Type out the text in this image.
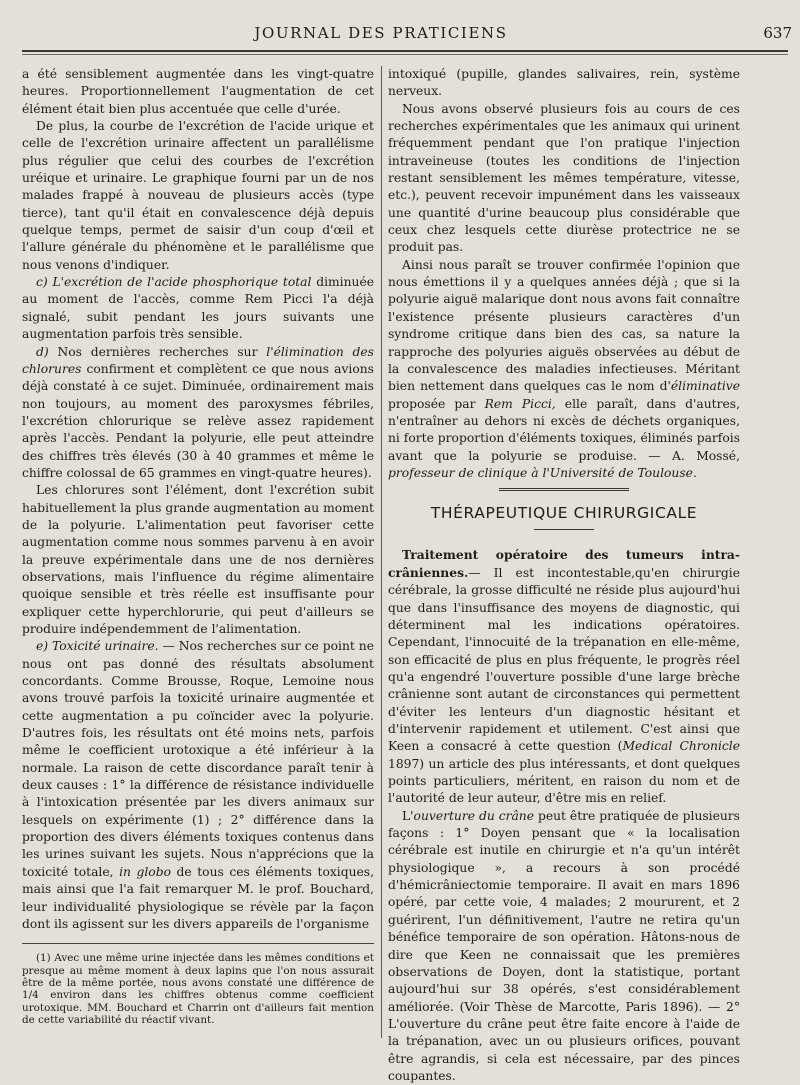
JOURNAL DES PRATICIENS	637

a été sensiblement augmentée dans les vingt-quatre heures. Proportionnellement l'augmentation de cet élément était bien plus accentuée que celle d'urée.

De plus, la courbe de l'excrétion de l'acide urique et celle de l'excrétion urinaire affectent un parallélisme plus régulier que celui des courbes de l'excrétion uréique et urinaire. Le graphique fourni par un de nos malades frappé à nouveau de plusieurs accès (type tierce), tant qu'il était en convalescence déjà depuis quelque temps, permet de saisir d'un coup d'œil et l'allure générale du phénomène et le parallélisme que nous venons d'indiquer.

c) L'excrétion de l'acide phosphorique total diminuée au moment de l'accès, comme Rem Picci l'a déjà signalé, subit pendant les jours suivants une augmentation parfois très sensible.

d) Nos dernières recherches sur l'élimination des chlorures confirment et complètent ce que nous avions déjà constaté à ce sujet. Diminuée, ordinairement mais non toujours, au moment des paroxysmes fébriles, l'excrétion chlorurique se relève assez rapidement après l'accès. Pendant la polyurie, elle peut atteindre des chiffres très élevés (30 à 40 grammes et même le chiffre colossal de 65 grammes en vingt-quatre heures).

Les chlorures sont l'élément, dont l'excrétion subit habituellement la plus grande augmentation au moment de la polyurie. L'alimentation peut favoriser cette augmentation comme nous sommes parvenu à en avoir la preuve expérimentale dans une de nos dernières observations, mais l'influence du régime alimentaire quoique sensible et très réelle est insuffisante pour expliquer cette hyperchlorurie, qui peut d'ailleurs se produire indépendemment de l'alimentation.

e) Toxicité urinaire. — Nos recherches sur ce point ne nous ont pas donné des résultats absolument concordants. Comme Brousse, Roque, Lemoine nous avons trouvé parfois la toxicité urinaire augmentée et cette augmentation a pu coïncider avec la polyurie. D'autres fois, les résultats ont été moins nets, parfois même le coefficient urotoxique a été inférieur à la normale. La raison de cette discordance paraît tenir à deux causes : 1° la différence de résistance individuelle à l'intoxication présentée par les divers animaux sur lesquels on expérimente (1) ; 2° différence dans la proportion des divers éléments toxiques contenus dans les urines suivant les sujets. Nous n'apprécions que la toxicité totale, in globo de tous ces éléments toxiques, mais ainsi que l'a fait remarquer M. le prof. Bouchard, leur individualité physiologique se révèle par la façon dont ils agissent sur les divers appareils de l'organisme

(1) Avec une même urine injectée dans les mêmes conditions et presque au même moment à deux lapins que l'on nous assurait être de la même portée, nous avons constaté une différence de 1/4 environ dans les chiffres obtenus comme coefficient urotoxique. MM. Bouchard et Charrin ont d'ailleurs fait mention de cette variabilité du réactif vivant.

intoxiqué (pupille, glandes salivaires, rein, système nerveux.

Nous avons observé plusieurs fois au cours de ces recherches expérimentales que les animaux qui urinent fréquemment pendant que l'on pratique l'injection intraveineuse (toutes les conditions de l'injection restant sensiblement les mêmes température, vitesse, etc.), peuvent recevoir impunément dans les vaisseaux une quantité d'urine beaucoup plus considérable que ceux chez lesquels cette diurèse protectrice ne se produit pas.

Ainsi nous paraît se trouver confirmée l'opinion que nous émettions il y a quelques années déjà ; que si la polyurie aiguë malarique dont nous avons fait connaître l'existence présente plusieurs caractères d'un syndrome critique dans bien des cas, sa nature la rapproche des polyuries aiguës observées au début de la convalescence des maladies infectieuses. Méritant bien nettement dans quelques cas le nom d'éliminative proposée par Rem Picci, elle paraît, dans d'autres, n'entraîner au dehors ni excès de déchets organiques, ni forte proportion d'éléments toxiques, éliminés parfois avant que la polyurie se produise. — A. Mossé, professeur de clinique à l'Université de Toulouse.

THÉRAPEUTIQUE CHIRURGICALE

Traitement opératoire des tumeurs intra-crâniennes.— Il est incontestable,qu'en chirurgie cérébrale, la grosse difficulté ne réside plus aujourd'hui que dans l'insuffisance des moyens de diagnostic, qui déterminent mal les indications opératoires. Cependant, l'innocuité de la trépanation en elle-même, son efficacité de plus en plus fréquente, le progrès réel qu'a engendré l'ouverture possible d'une large brèche crânienne sont autant de circonstances qui permettent d'éviter les lenteurs d'un diagnostic hésitant et d'intervenir rapidement et utilement. C'est ainsi que Keen a consacré à cette question (Medical Chronicle 1897) un article des plus intéressants, et dont quelques points particuliers, méritent, en raison du nom et de l'autorité de leur auteur, d'être mis en relief.

L'ouverture du crâne peut être pratiquée de plusieurs façons : 1° Doyen pensant que « la localisation cérébrale est inutile en chirurgie et n'a qu'un intérêt physiologique », a recours à son procédé d'hémicrâniectomie temporaire. Il avait en mars 1896 opéré, par cette voie, 4 malades; 2 moururent, et 2 guérirent, l'un définitivement, l'autre ne retira qu'un bénéfice temporaire de son opération. Hâtons-nous de dire que Keen ne connaissait que les premières observations de Doyen, dont la statistique, portant aujourd'hui sur 38 opérés, s'est considérablement améliorée. (Voir Thèse de Marcotte, Paris 1896). — 2° L'ouverture du crâne peut être faite encore à l'aide de la trépanation, avec un ou plusieurs orifices, pouvant être agrandis, si cela est nécessaire, par des pinces coupantes.
